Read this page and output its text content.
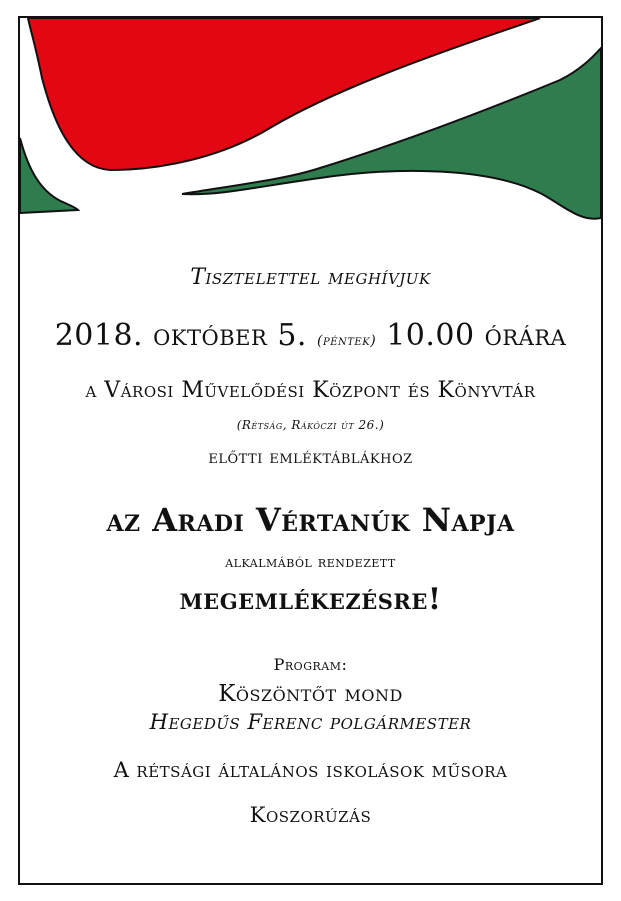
Tisztelettel meghívjuk
2018. október 5. (péntek) 10.00 órára
a Városi Művelődési Központ és Könyvtár
(Rétság, Rákóczi út 26.)
előtti emléktáblákhoz
az Aradi Vértanúk Napja
alkalmából rendezett
megemlékezésre!
Program:
Köszöntőt mond
Hegedűs Ferenc polgármester
A rétsági általános iskolások műsora
Koszorúzás
